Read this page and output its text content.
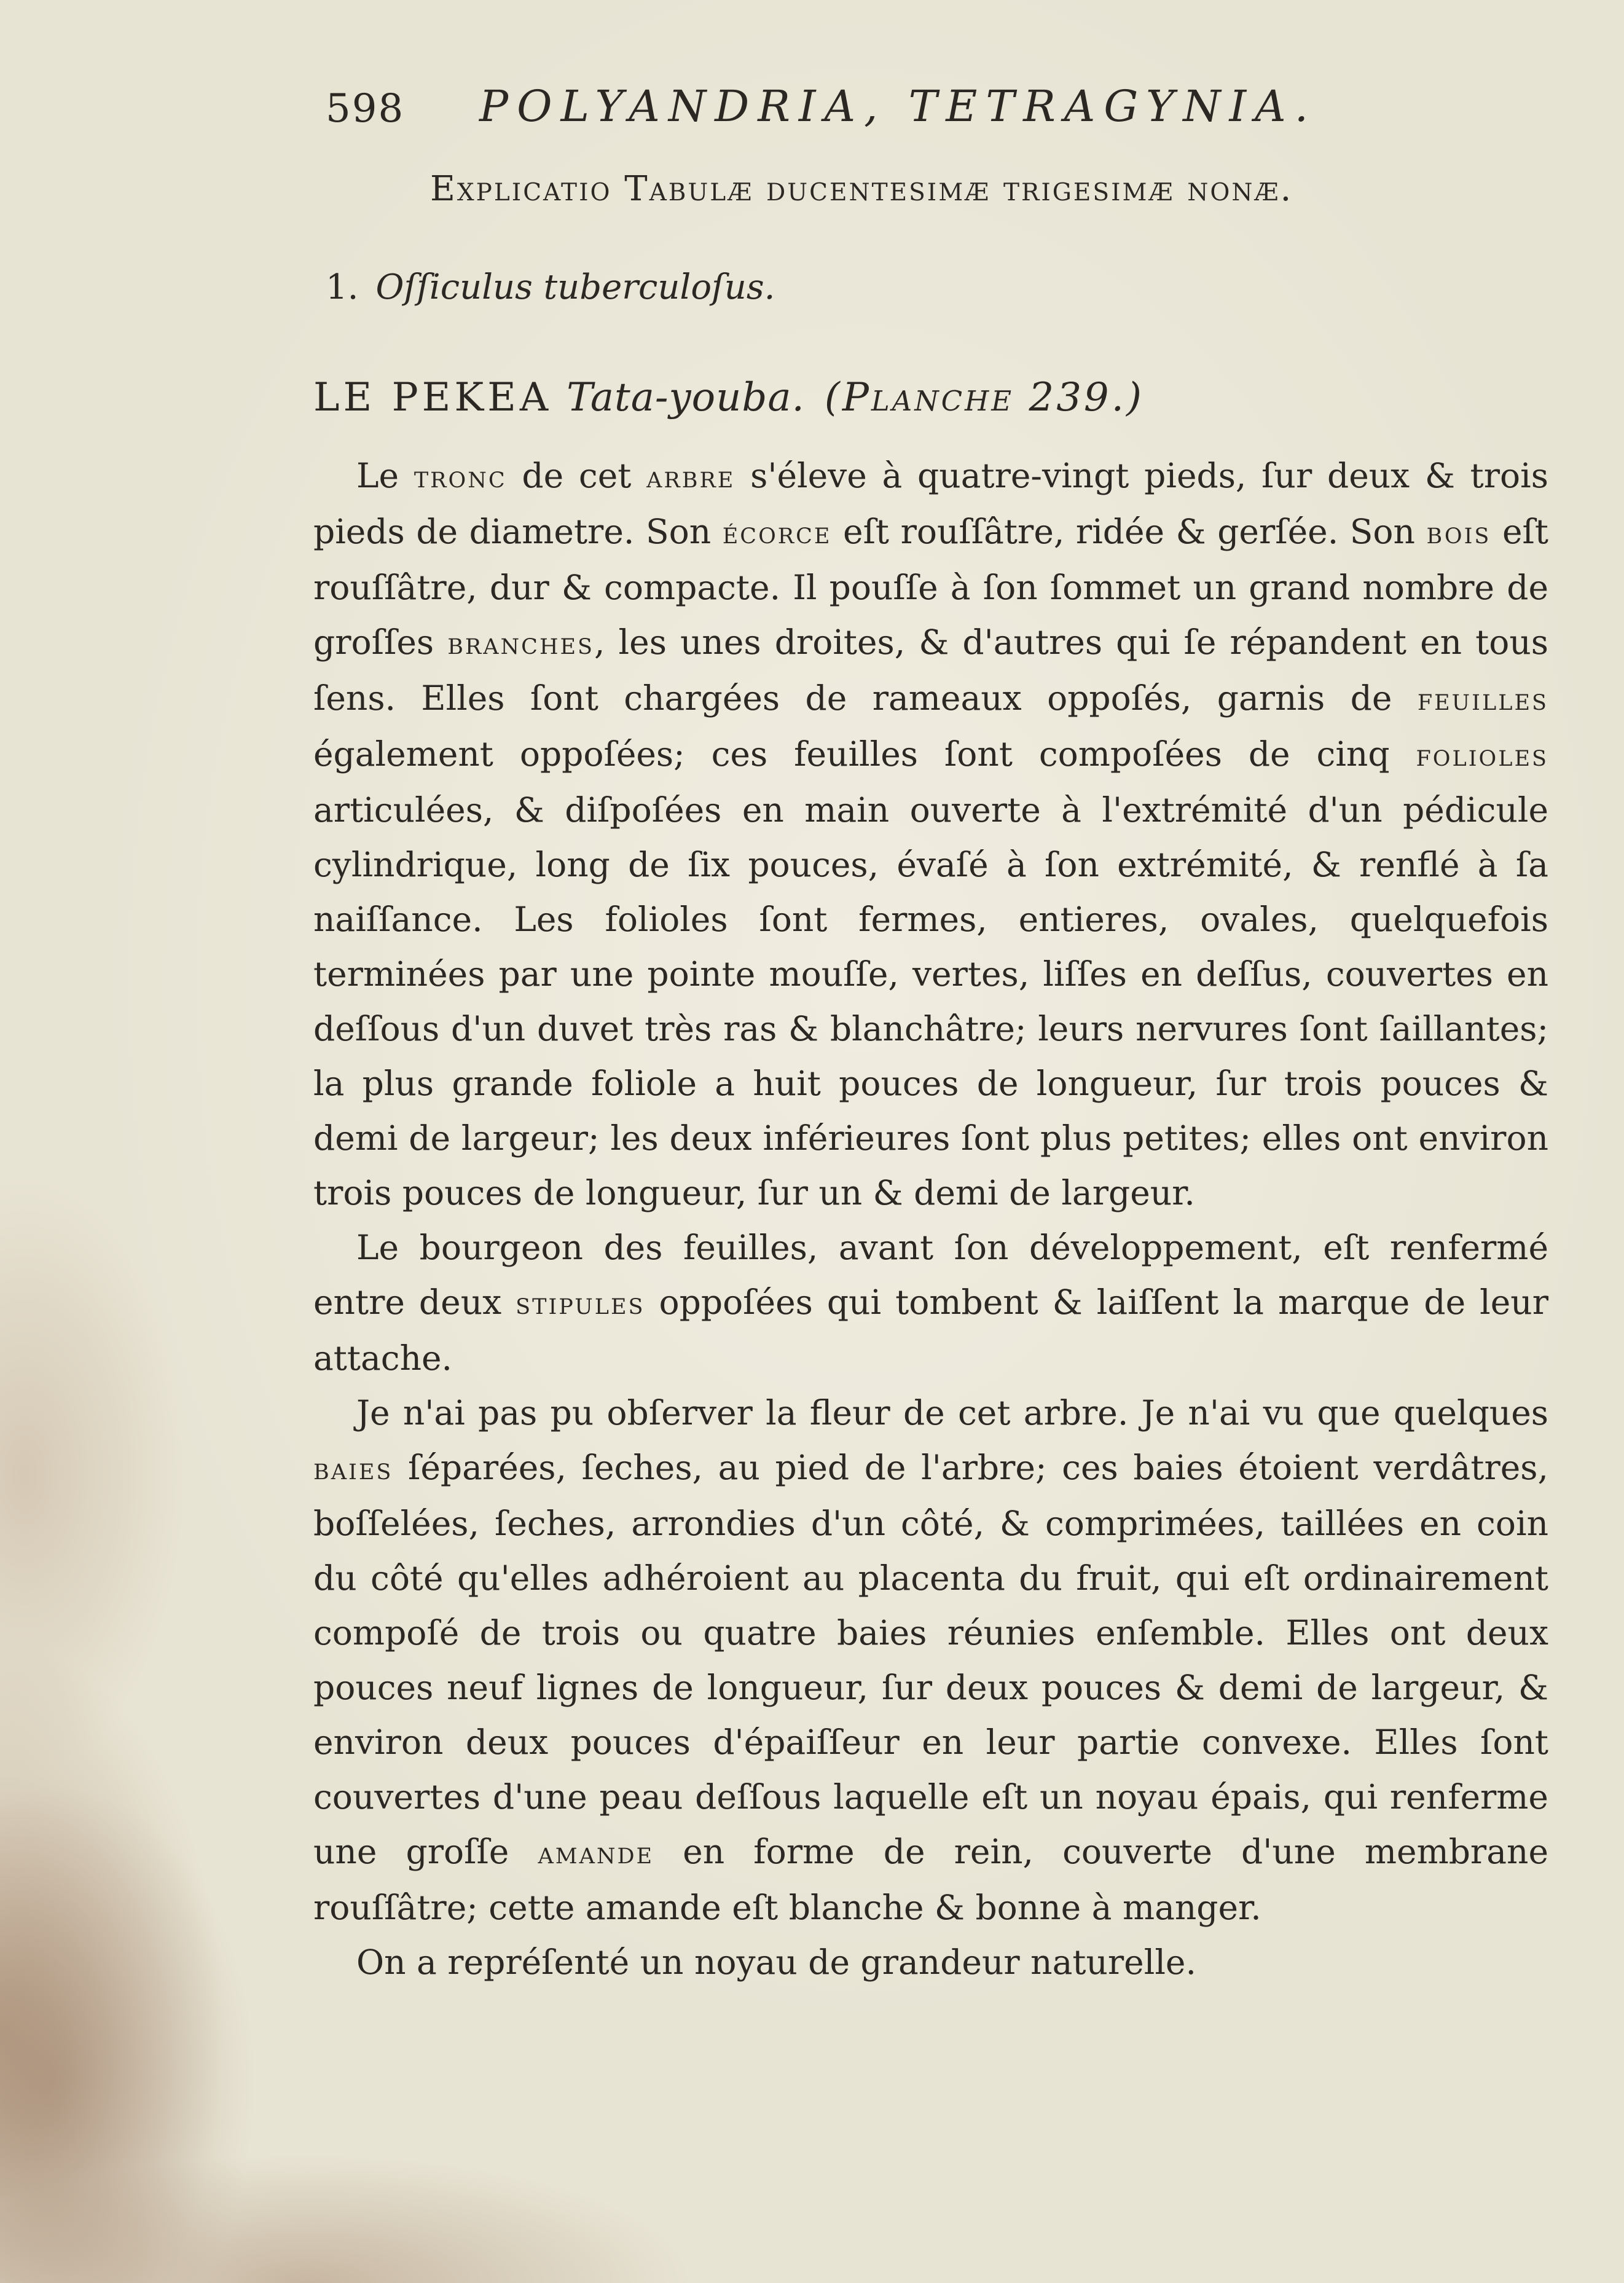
598 POLYANDRIA, TETRAGYNIA.
Explicatio Tabulæ ducentesimæ trigesimæ nonæ.
1. Oſſiculus tuberculoſus.
LE PEKEA Tata-youba. (Planche 239.)

Le tronc de cet arbre s'éleve à quatre-vingt pieds, ſur deux & trois pieds de diametre. Son écorce eſt rouſſâtre, ridée & gerſée. Son bois eſt rouſſâtre, dur & compacte. Il pouſſe à ſon ſommet un grand nombre de groſſes branches, les unes droites, & d'autres qui ſe répandent en tous ſens. Elles ſont chargées de rameaux oppoſés, garnis de feuilles également oppoſées; ces feuilles ſont compoſées de cinq folioles articulées, & diſpoſées en main ouverte à l'extrémité d'un pédicule cylindrique, long de ſix pouces, évaſé à ſon extrémité, & renflé à ſa naiſſance. Les folioles ſont fermes, entieres, ovales, quelquefois terminées par une pointe mouſſe, vertes, liſſes en deſſus, couvertes en deſſous d'un duvet très ras & blanchâtre; leurs nervures ſont ſaillantes; la plus grande foliole a huit pouces de longueur, ſur trois pouces & demi de largeur; les deux inférieures ſont plus petites; elles ont environ trois pouces de longueur, ſur un & demi de largeur.

Le bourgeon des feuilles, avant ſon développement, eſt renfermé entre deux stipules oppoſées qui tombent & laiſſent la marque de leur attache.

Je n'ai pas pu obſerver la fleur de cet arbre. Je n'ai vu que quelques baies ſéparées, ſeches, au pied de l'arbre; ces baies étoient verdâtres, boſſelées, ſeches, arrondies d'un côté, & comprimées, taillées en coin du côté qu'elles adhéroient au placenta du fruit, qui eſt ordinairement compoſé de trois ou quatre baies réunies enſemble. Elles ont deux pouces neuf lignes de longueur, ſur deux pouces & demi de largeur, & environ deux pouces d'épaiſſeur en leur partie convexe. Elles ſont couvertes d'une peau deſſous laquelle eſt un noyau épais, qui renferme une groſſe amande en forme de rein, couverte d'une membrane rouſſâtre; cette amande eſt blanche & bonne à manger.

On a repréſenté un noyau de grandeur naturelle.
